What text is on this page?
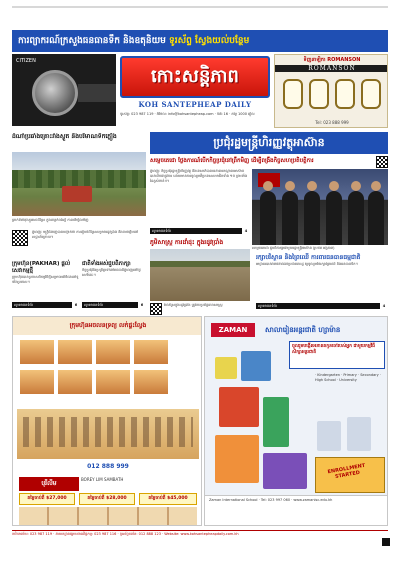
ការព្យាករណ៍ក្រសួងធនធានទឹក និងឧតុនិយម ទូរស័ព្ទ ស្វែងយល់បន្ថែម
CITIZEN
កោះសន្តិភាព
KOH SANTEPHEAP DAILY
ទូរស័ព្ទ: 023 987 119 · អ៊ីម៉ែល: info@kohsantepheap.com · ទំព័រ 16 · តម្លៃ 1000 រៀល
ទិញនាឡិកា ROMANSON
ROMANSON
Tel: 023 888 999
ដំណាំប្រឆាំងគ្រោះរាំងស្ងួត និងបរិមាណទឹកភ្លៀង
ត្រាក់ទ័រកំពុងភ្ជួររាស់ដីស្រែ ក្នុងខេត្តកំពង់ស្ពឺ កាលពីម្សិលមិញ
ភ្នំពេញៈ មន្ត្រីជំនាញបានបញ្ជាក់ថា ការរៀបចំដីស្រែសម្រាប់រដូវប្រាំង នឹងចាប់ផ្តើមនៅសប្តាហ៍ក្រោយ។
ក្រុមហ៊ុន(PAKHAR) ផ្តល់សេវាកម្មថ្មី
ក្រុមហ៊ុនបានប្រកាសពីកម្មវិធីថ្មីសម្រាប់អតិថិជននៅទូទាំងប្រទេស។
ជាតិទាំងអស់ជួបពិភាក្សា
កិច្ចប្រជុំនឹងប្រព្រឹត្តទៅនៅរាជធានីភ្នំពេញនៅថ្ងៃសៅរ៍នេះ។
សូមអានតទំព័រ	6	សូមអានតទំព័រ	6
ប្រជុំរដ្ឋមន្ត្រីហិរញ្ញវត្ថុអាស៊ាន
សម្តេចតេជោ ថ្លែងការណ៍បើកកិច្ចប្រជុំនៅព្រឹកមិញ ដើម្បីពង្រឹងកិច្ចសហប្រតិបត្តិការ
ភ្នំពេញៈ កិច្ចប្រជុំរដ្ឋមន្ត្រីហិរញ្ញវត្ថុ និងទេសាភិបាលធនាគារកណ្តាលអាស៊ាន បានបើកជាផ្លូវការ ដោយមានការចូលរួមពីប្រទេសសមាជិកទាំង ១០ ព្រមទាំងដៃគូសំខាន់ៗ។
សម្តេចតេជោ ជួបពិភាក្សាជាមួយរដ្ឋមន្ត្រីអាស៊ាន (រូបថត អង្គភាព)
សូមអានតទំព័រ	4
ភូមិសាស្ត្រ ការដាំដុះ ក្នុងរដូវប្រាំង
វាលស្រែក្នុងរដូវប្រាំង ត្រូវការប្រព័ន្ធធារាសាស្ត្រ
រក្សាបរិស្ថាន និងព្រៃឈើ ការពារធនធានធម្មជាតិ
អាជ្ញាធរបានអំពាវនាវដល់ប្រជាពលរដ្ឋ ឲ្យចូលរួមថែរក្សាព្រៃឈើ និងធនធានទឹក។
សូមអានតទំព័រ	4
ក្រុមហ៊ុនអចលនទ្រព្យ លក់ផ្ទះល្វែង
012 888 999
បុរីលីម
BOREY LIM SAMBATH
តម្លៃចាប់ពី $27,000	តម្លៃចាប់ពី $28,000	តម្លៃចាប់ពី $45,000
ZAMAN	សាលារៀនអន្តរជាតិ ហ្សាម៉ាន
ចូលរួមបង្កើតអនាគតកូនចៅរបស់អ្នក ជាមួយកម្មវិធីសិក្សាអន្តរជាតិ
· Kindergarten · Primary · Secondary · High School · University
ENROLLMENT STARTED
Zaman International School · Tel: 023 997 060 · www.zamanisc.edu.kh
ការិយាល័យ: 023 987 119 · នាយកដ្ឋានផ្សាយពាណិជ្ជកម្ម: 023 987 116 · ទូរស័ព្ទចល័ត: 012 888 123 · Website: www.kohsantepheapdaily.com.kh
